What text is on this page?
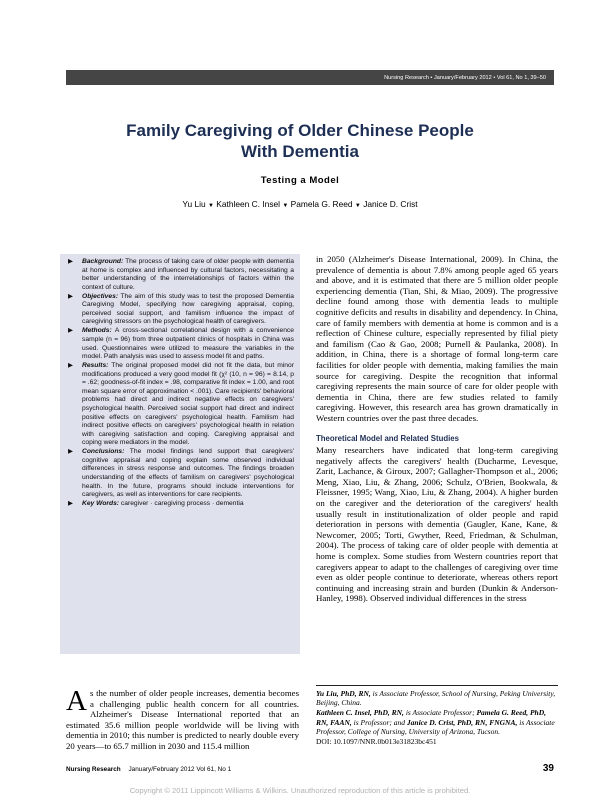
Nursing Research • January/February 2012 • Vol 61, No 1, 39–50
Family Caregiving of Older Chinese People
With Dementia
Testing a Model
Yu Liu ▼ Kathleen C. Insel ▼ Pamela G. Reed ▼ Janice D. Crist
▶ Background: The process of taking care of older people with dementia at home is complex and influenced by cultural factors, necessitating a better understanding of the interrelationships of factors within the context of culture.
▶ Objectives: The aim of this study was to test the proposed Dementia Caregiving Model, specifying how caregiving appraisal, coping, perceived social support, and familism influence the impact of caregiving stressors on the psychological health of caregivers.
▶ Methods: A cross-sectional correlational design with a convenience sample (n = 96) from three outpatient clinics of hospitals in China was used. Questionnaires were utilized to measure the variables in the model. Path analysis was used to assess model fit and paths.
▶ Results: The original proposed model did not fit the data, but minor modifications produced a very good model fit (χ² (10, n = 96) = 8.14, p = .62; goodness-of-fit index = .98, comparative fit index = 1.00, and root mean square error of approximation < .001). Care recipients' behavioral problems had direct and indirect negative effects on caregivers' psychological health. Perceived social support had direct and indirect positive effects on caregivers' psychological health. Familism had indirect positive effects on caregivers' psychological health in relation with caregiving satisfaction and coping. Caregiving appraisal and coping were mediators in the model.
▶ Conclusions: The model findings lend support that caregivers' cognitive appraisal and coping explain some observed individual differences in stress response and outcomes. The findings broaden understanding of the effects of familism on caregivers' psychological health. In the future, programs should include interventions for caregivers, as well as interventions for care recipients.
▶ Key Words: caregiver · caregiving process · dementia
A s the number of older people increases, dementia becomes a challenging public health concern for all countries. Alzheimer's Disease International reported that an estimated 35.6 million people worldwide will be living with dementia in 2010; this number is predicted to nearly double every 20 years—to 65.7 million in 2030 and 115.4 million

in 2050 (Alzheimer's Disease International, 2009). In China, the prevalence of dementia is about 7.8% among people aged 65 years and above, and it is estimated that there are 5 million older people experiencing dementia (Tian, Shi, & Miao, 2009). The progressive decline found among those with dementia leads to multiple cognitive deficits and results in disability and dependency. In China, care of family members with dementia at home is common and is a reflection of Chinese culture, especially represented by filial piety and familism (Cao & Gao, 2008; Purnell & Paulanka, 2008). In addition, in China, there is a shortage of formal long-term care facilities for older people with dementia, making families the main source for caregiving. Despite the recognition that informal caregiving represents the main source of care for older people with dementia in China, there are few studies related to family caregiving. However, this research area has grown dramatically in Western countries over the past three decades.

Theoretical Model and Related Studies

Many researchers have indicated that long-term caregiving negatively affects the caregivers' health (Ducharme, Levesque, Zarit, Lachance, & Giroux, 2007; Gallagher-Thompson et al., 2006; Meng, Xiao, Liu, & Zhang, 2006; Schulz, O'Brien, Bookwala, & Fleissner, 1995; Wang, Xiao, Liu, & Zhang, 2004). A higher burden on the caregiver and the deterioration of the caregivers' health usually result in institutionalization of older people and rapid deterioration in persons with dementia (Gaugler, Kane, Kane, & Newcomer, 2005; Torti, Gwyther, Reed, Friedman, & Schulman, 2004). The process of taking care of older people with dementia at home is complex. Some studies from Western countries report that caregivers appear to adapt to the challenges of caregiving over time even as older people continue to deteriorate, whereas others report continuing and increasing strain and burden (Dunkin & Anderson-Hanley, 1998). Observed individual differences in the stress

Yu Liu, PhD, RN, is Associate Professor, School of Nursing, Peking University, Beijing, China.

Kathleen C. Insel, PhD, RN, is Associate Professor; Pamela G. Reed, PhD, RN, FAAN, is Professor; and Janice D. Crist, PhD, RN, FNGNA, is Associate Professor, College of Nursing, University of Arizona, Tucson.

DOI: 10.1097/NNR.0b013e31823bc451

Nursing Research January/February 2012 Vol 61, No 1	39
Copyright © 2011 Lippincott Williams & Wilkins. Unauthorized reproduction of this article is prohibited.
